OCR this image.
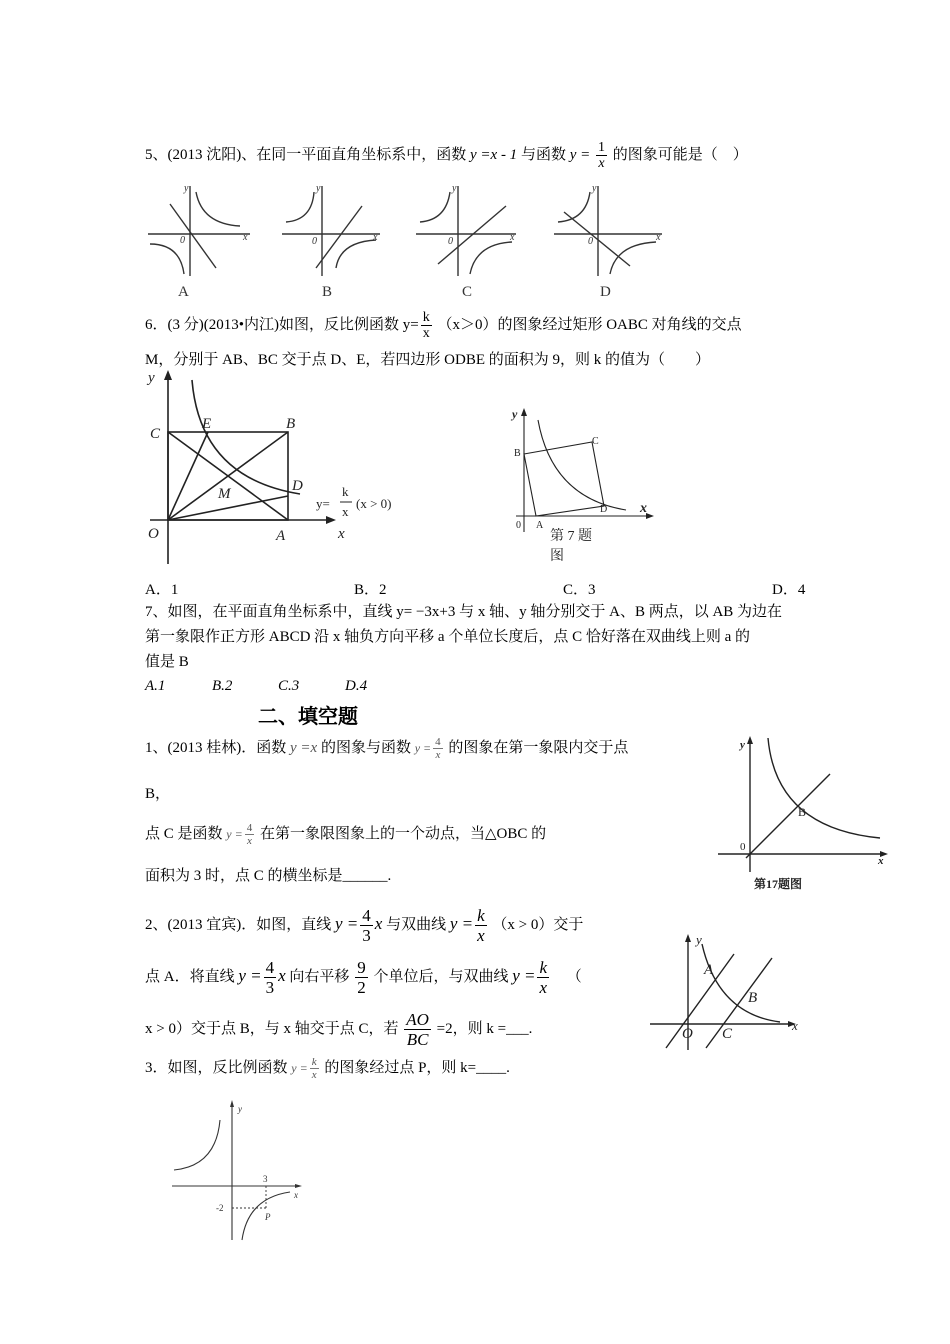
5、(2013 沈阳)、在同一平面直角坐标系中，函数 y =x - 1 与函数 $y = \frac{1}{x}$ 的图象可能是（　）
y
x
0
y
x
0
y
x
0
y
x
0
A	B	C	D
6．(3 分)(2013•内江)如图，反比例函数 $y= \frac{k}{x} (x>0)$的图象经过矩形 OABC 对角线的交点
M，分别于 AB、BC 交于点 D、E，若四边形 ODBE 的面积为 9，则 k 的值为（　　）
y
x
C
E	B
M	D
O	A
y=
k
x
(x > 0)
y
x
B
C
0 A
D
第 7 题
图
A．1	B．2	C．3	D．4
7、如图，在平面直角坐标系中，直线 y= −3x+3 与 x 轴、y 轴分别交于 A、B 两点，以 AB 为边在
第一象限作正方形 ABCD 沿 x 轴负方向平移 a 个单位长度后，点 C 恰好落在双曲线上则 a 的
值是 B
A.1	B.2	C.3	D.4
二、填空题
1、(2013 桂林)．函数 y =x 的图象与函数 $y = \frac{4}{x}$ 的图象在第一象限内交于点
B，
点 C 是函数 $y = \frac{4}{x}$ 在第一象限图象上的一个动点，当△OBC 的
面积为 3 时，点 C 的横坐标是______.
y
x
0
B
第17题图
2、(2013 宜宾)．如图，直线 $y = \frac{4}{3}$ x 与双曲线 $y = \frac{k}{x} (x > 0)$交于
点 A．将直线 $y = \frac{4}{3}$ x 向右平移 $\frac{9}{2}$ 个单位后，与双曲线 $y = \frac{k}{x}$ （
x > 0）交于点 B，与 x 轴交于点 C，若 $\frac{AO}{BC} =2$，则 k =___.
y
x
A
B
O C
3．如图，反比例函数 $y = \frac{k}{x}$ 的图象经过点 P，则 k=____.
y
x
3
-2
P
